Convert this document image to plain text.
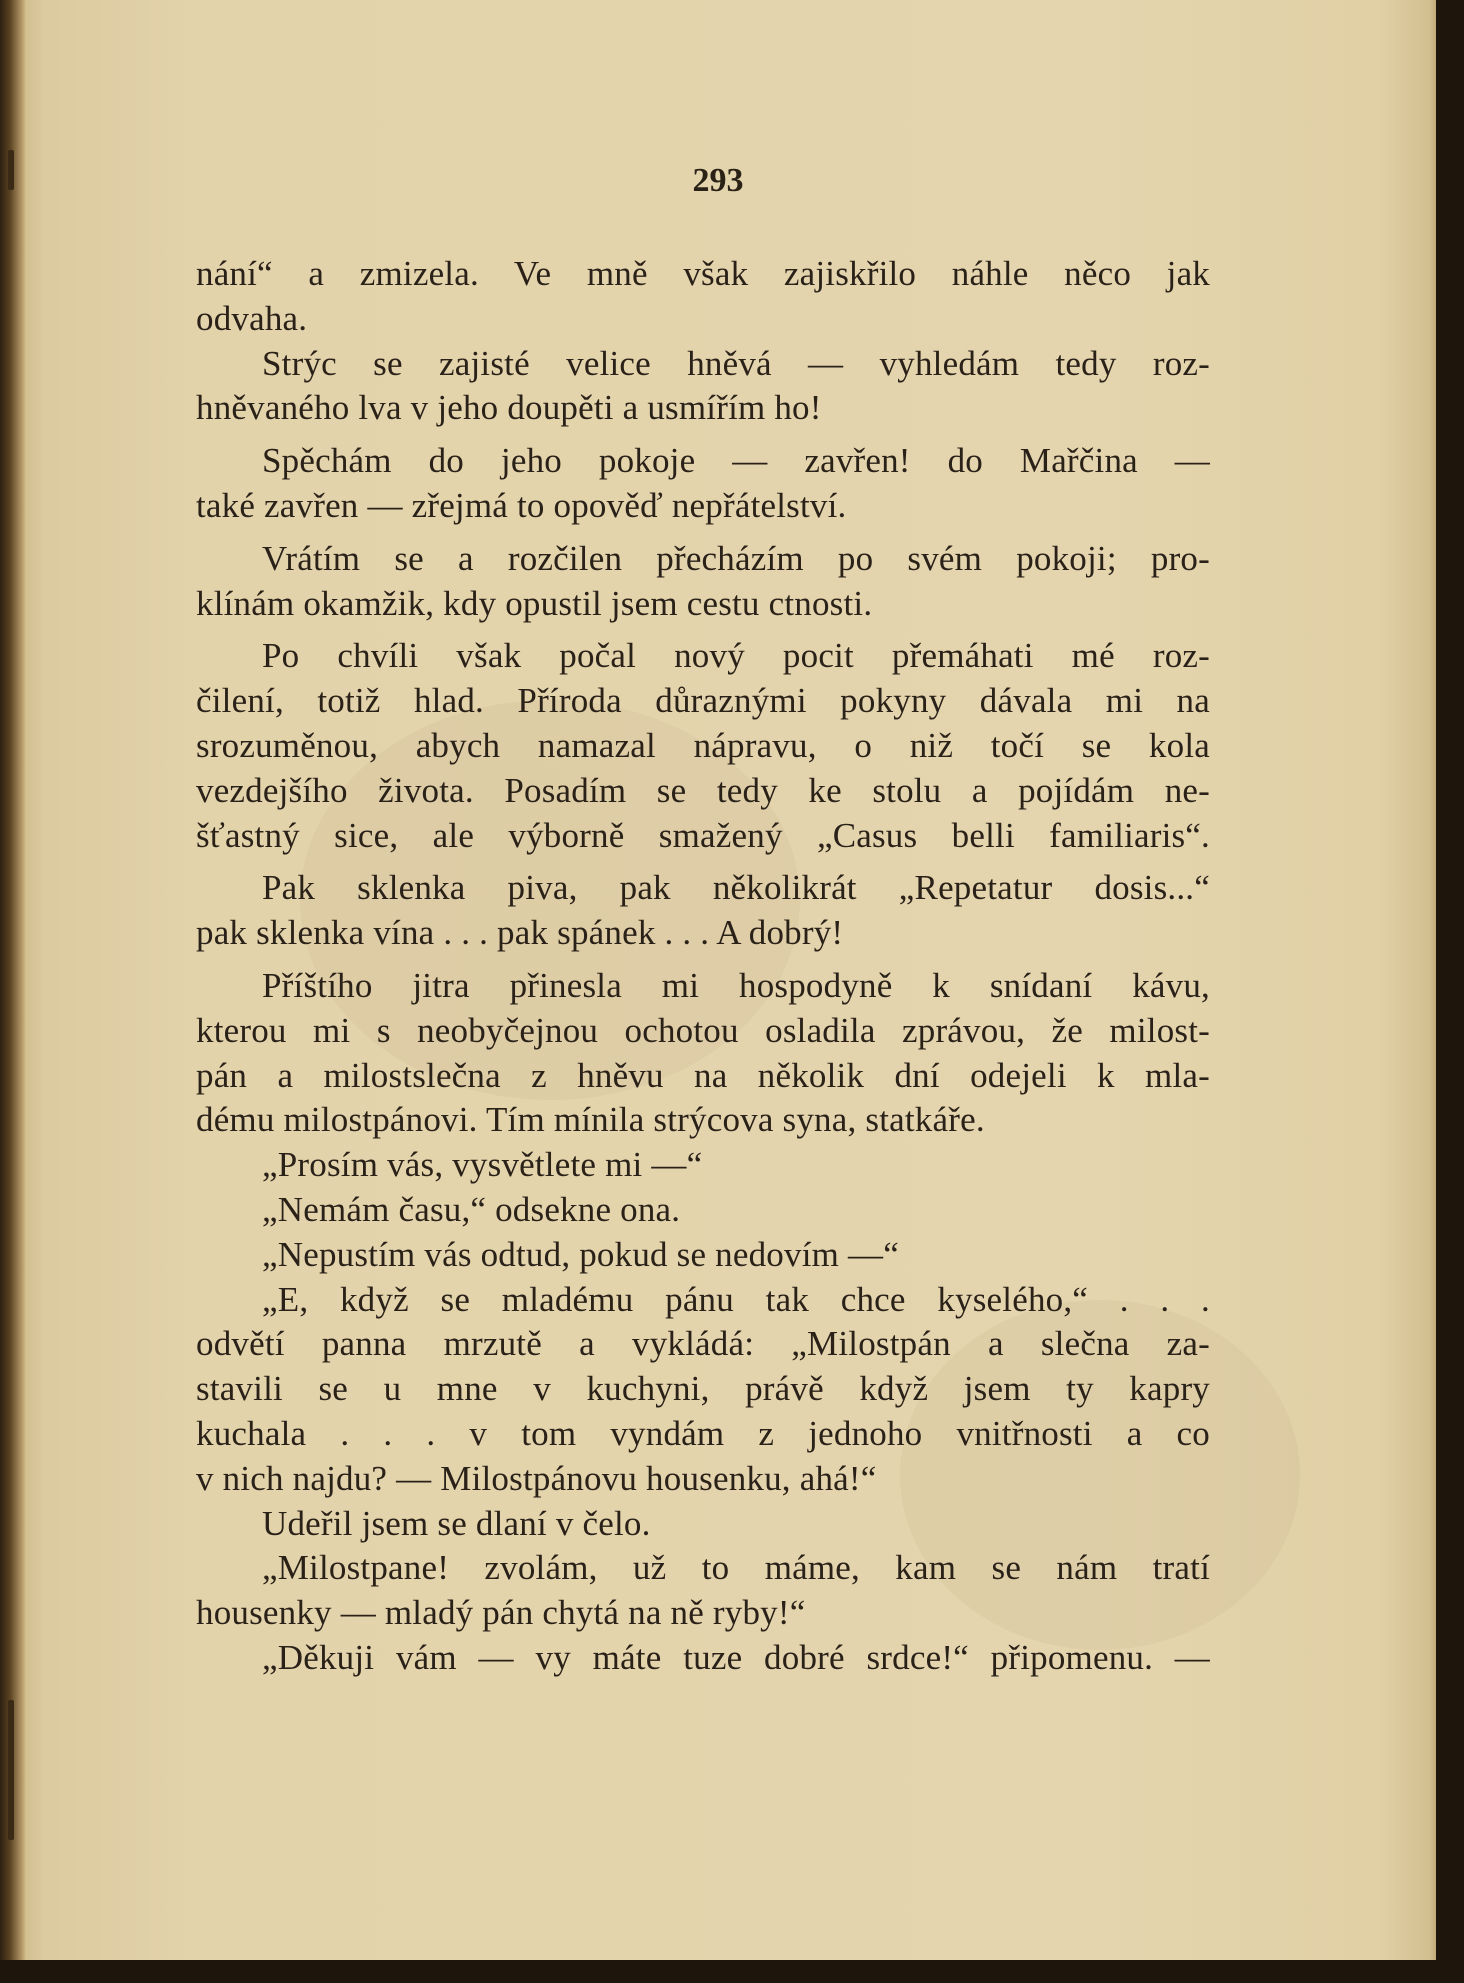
293
nání“ a zmizela. Ve mně však zajiskřilo náhle něco jak
odvaha.
Strýc se zajisté velice hněvá — vyhledám tedy roz-
hněvaného lva v jeho doupěti a usmířím ho!
Spěchám do jeho pokoje — zavřen! do Mařčina —
také zavřen — zřejmá to opověď nepřátelství.
Vrátím se a rozčilen přecházím po svém pokoji; pro-
klínám okamžik, kdy opustil jsem cestu ctnosti.
Po chvíli však počal nový pocit přemáhati mé roz-
čilení, totiž hlad. Příroda důraznými pokyny dávala mi na
srozuměnou, abych namazal nápravu, o niž točí se kola
vezdejšího života. Posadím se tedy ke stolu a pojídám ne-
šťastný sice, ale výborně smažený „Casus belli familiaris“.
Pak sklenka piva, pak několikrát „Repetatur dosis...“
pak sklenka vína . . . pak spánek . . . A dobrý!
Příštího jitra přinesla mi hospodyně k snídaní kávu,
kterou mi s neobyčejnou ochotou osladila zprávou, že milost-
pán a milostslečna z hněvu na několik dní odejeli k mla-
dému milostpánovi. Tím mínila strýcova syna, statkáře.
„Prosím vás, vysvětlete mi —“
„Nemám času,“ odsekne ona.
„Nepustím vás odtud, pokud se nedovím —“
„E, když se mladému pánu tak chce kyselého,“ . . .
odvětí panna mrzutě a vykládá: „Milostpán a slečna za-
stavili se u mne v kuchyni, právě když jsem ty kapry
kuchala . . . v tom vyndám z jednoho vnitřnosti a co
v nich najdu? — Milostpánovu housenku, ahá!“
Udeřil jsem se dlaní v čelo.
„Milostpane! zvolám, už to máme, kam se nám tratí
housenky — mladý pán chytá na ně ryby!“
„Děkuji vám — vy máte tuze dobré srdce!“ připomenu. —
